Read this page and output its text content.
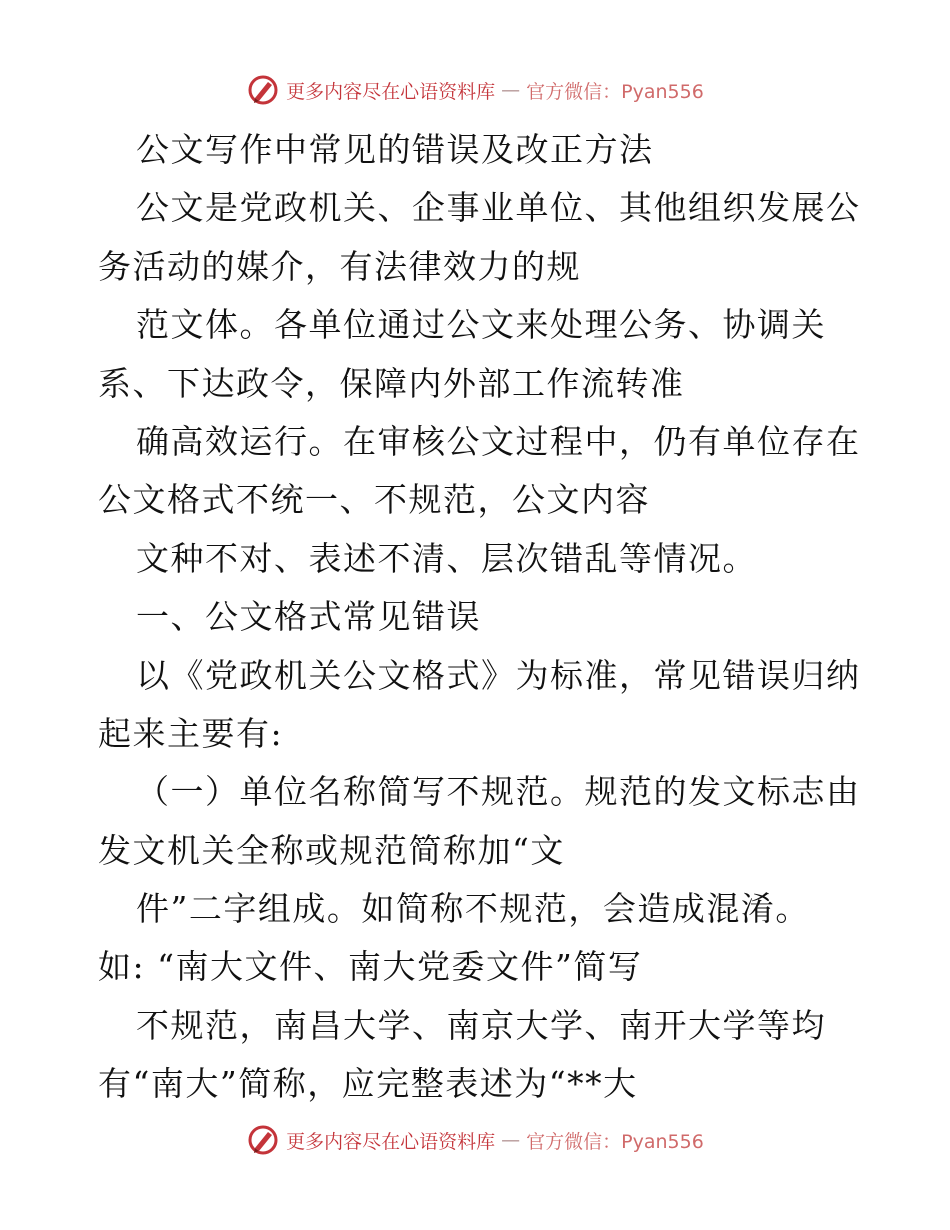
更多内容尽在心语资料库 — 官方微信：Pyan556
公文写作中常见的错误及改正方法
公文是党政机关、企事业单位、其他组织发展公
务活动的媒介，有法律效力的规
范文体。各单位通过公文来处理公务、协调关
系、下达政令，保障内外部工作流转准
确高效运行。在审核公文过程中，仍有单位存在
公文格式不统一、不规范，公文内容
文种不对、表述不清、层次错乱等情况。
一、公文格式常见错误
以《党政机关公文格式》为标准，常见错误归纳
起来主要有:
（一）单位名称简写不规范。规范的发文标志由
发文机关全称或规范简称加“文
件”二字组成。如简称不规范，会造成混淆。
如: “南大文件、南大党委文件”简写
不规范，南昌大学、南京大学、南开大学等均
有“南大”简称，应完整表述为“**大
更多内容尽在心语资料库 — 官方微信：Pyan556
